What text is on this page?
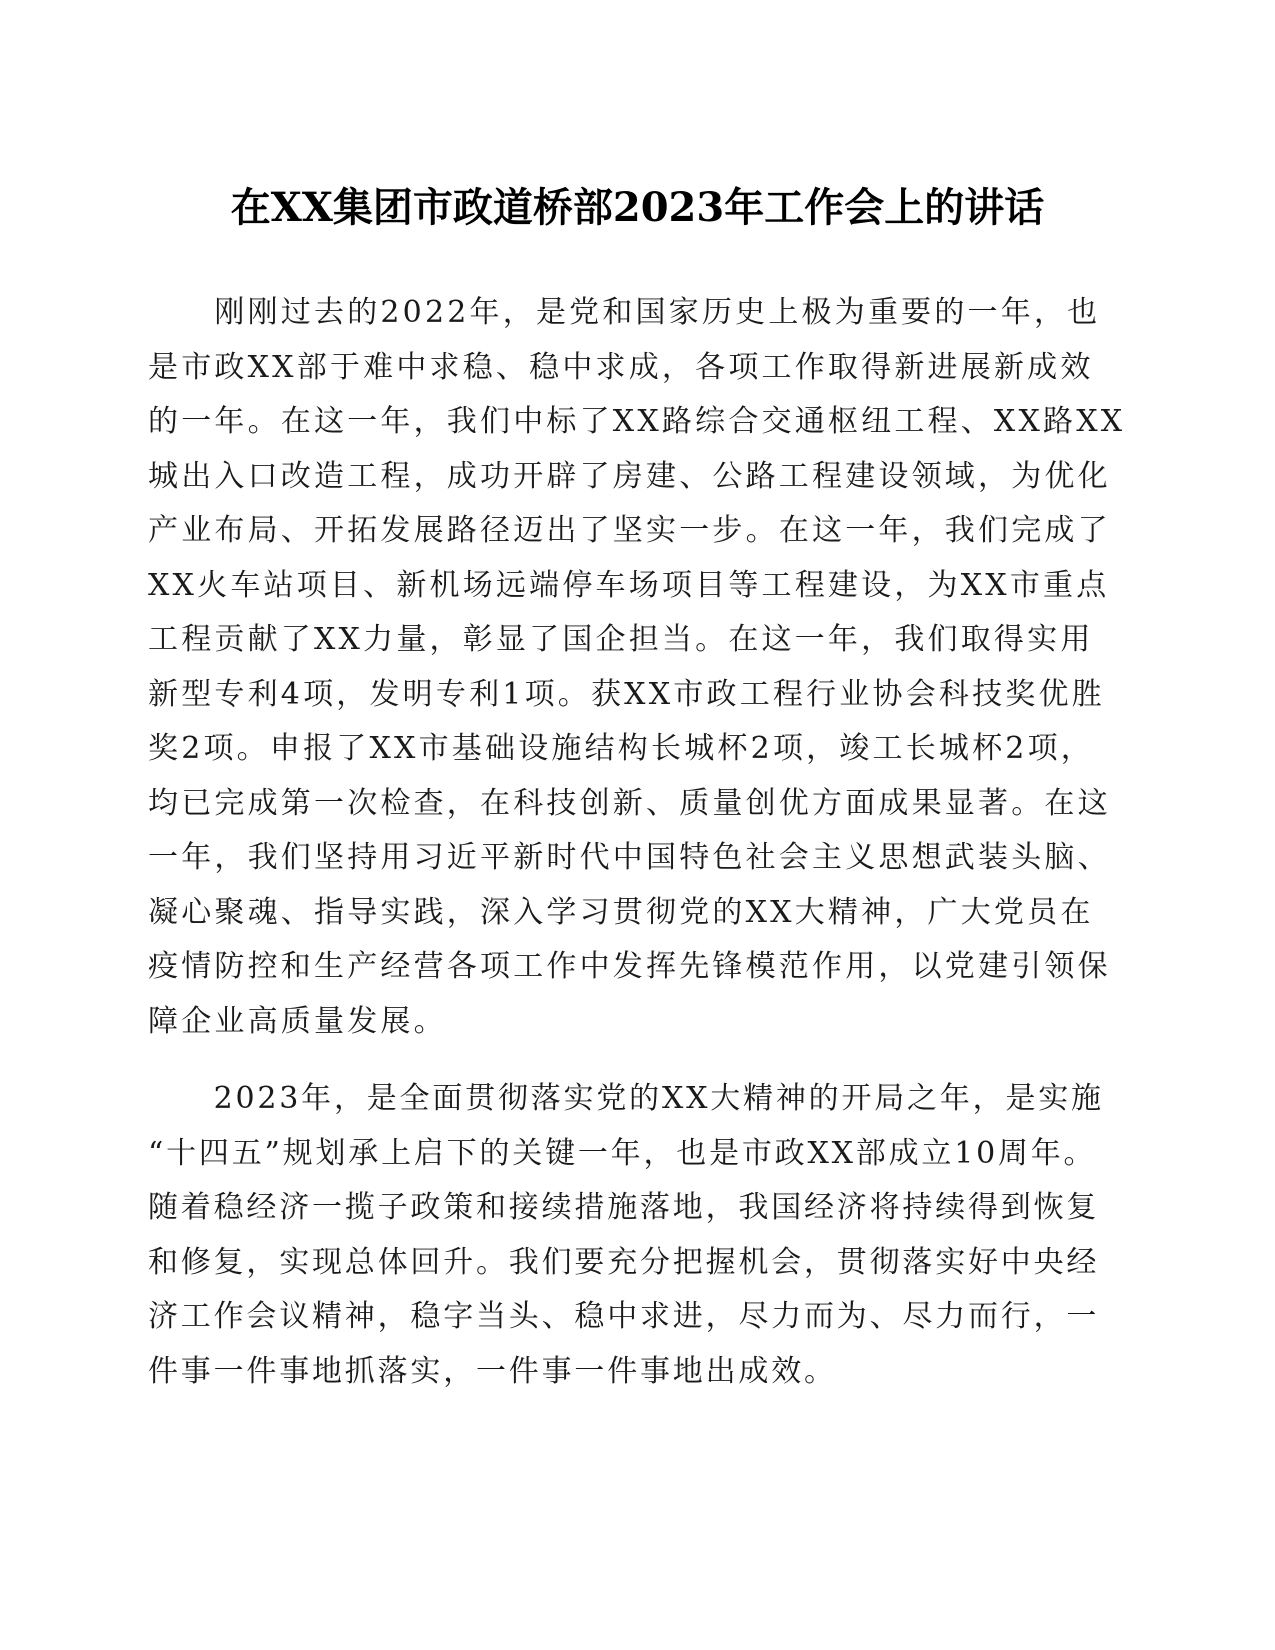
在XX集团市政道桥部2023年工作会上的讲话
　　刚刚过去的2022年，是党和国家历史上极为重要的一年，也
是市政XX部于难中求稳、稳中求成，各项工作取得新进展新成效
的一年。在这一年，我们中标了XX路综合交通枢纽工程、XX路XX
城出入口改造工程，成功开辟了房建、公路工程建设领域，为优化
产业布局、开拓发展路径迈出了坚实一步。在这一年，我们完成了
XX火车站项目、新机场远端停车场项目等工程建设，为XX市重点
工程贡献了XX力量，彰显了国企担当。在这一年，我们取得实用
新型专利4项，发明专利1项。获XX市政工程行业协会科技奖优胜
奖2项。申报了XX市基础设施结构长城杯2项，竣工长城杯2项，
均已完成第一次检查，在科技创新、质量创优方面成果显著。在这
一年，我们坚持用习近平新时代中国特色社会主义思想武装头脑、
凝心聚魂、指导实践，深入学习贯彻党的XX大精神，广大党员在
疫情防控和生产经营各项工作中发挥先锋模范作用，以党建引领保
障企业高质量发展。
　　2023年，是全面贯彻落实党的XX大精神的开局之年，是实施
“十四五”规划承上启下的关键一年，也是市政XX部成立10周年。
随着稳经济一揽子政策和接续措施落地，我国经济将持续得到恢复
和修复，实现总体回升。我们要充分把握机会，贯彻落实好中央经
济工作会议精神，稳字当头、稳中求进，尽力而为、尽力而行，一
件事一件事地抓落实，一件事一件事地出成效。
